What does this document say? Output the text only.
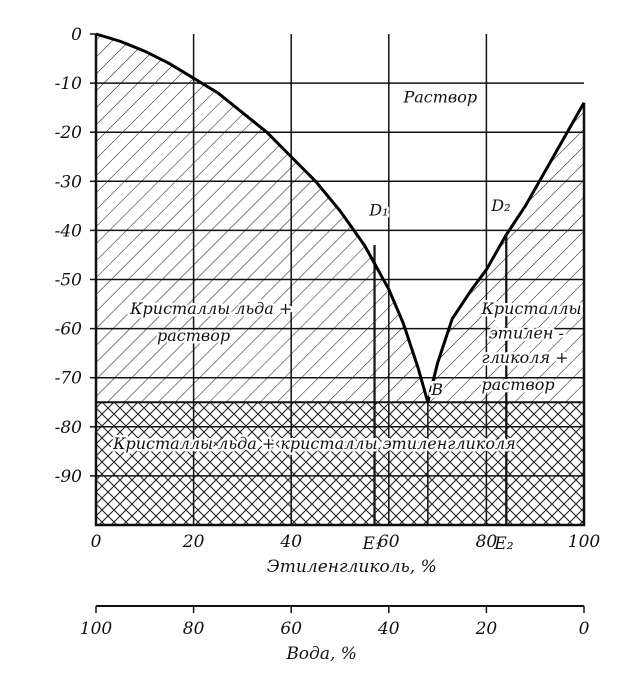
0
-10
-20
-30
-40
-50
-60
-70
-80
-90
0	20	40	60	80	100
E₁	E₂
100	80	60	40	20	0
Раствор
Кристаллы льда +
раствор
Кристаллы
этилен -
гликоля +
раствор
Кристаллы льда + кристаллы этиленгликоля
D₁	D₂
B
Этиленгликоль, %
Вода, %
